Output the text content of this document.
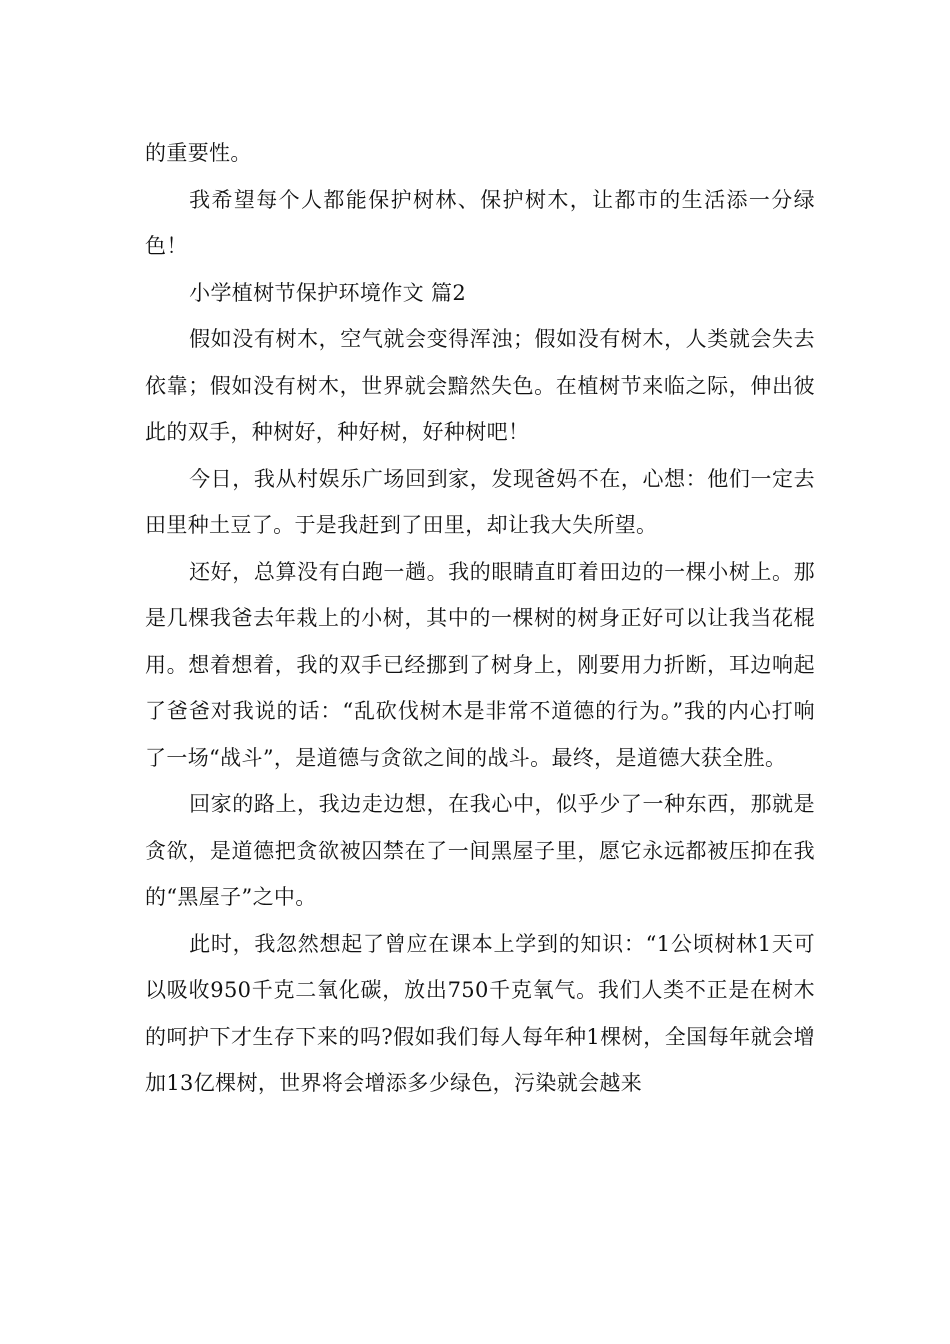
的重要性。

我希望每个人都能保护树林、保护树木，让都市的生活添一分绿色！

小学植树节保护环境作文 篇2

假如没有树木，空气就会变得浑浊；假如没有树木，人类就会失去依靠；假如没有树木，世界就会黯然失色。在植树节来临之际，伸出彼此的双手，种树好，种好树，好种树吧！

今日，我从村娱乐广场回到家，发现爸妈不在，心想：他们一定去田里种土豆了。于是我赶到了田里，却让我大失所望。

还好，总算没有白跑一趟。我的眼睛直盯着田边的一棵小树上。那是几棵我爸去年栽上的小树，其中的一棵树的树身正好可以让我当花棍用。想着想着，我的双手已经挪到了树身上，刚要用力折断，耳边响起了爸爸对我说的话：“乱砍伐树木是非常不道德的行为。”我的内心打响了一场“战斗”，是道德与贪欲之间的战斗。最终，是道德大获全胜。

回家的路上，我边走边想，在我心中，似乎少了一种东西，那就是贪欲，是道德把贪欲被囚禁在了一间黑屋子里，愿它永远都被压抑在我的“黑屋子”之中。

此时，我忽然想起了曾应在课本上学到的知识：“1公顷树林1天可以吸收950千克二氧化碳，放出750千克氧气。我们人类不正是在树木的呵护下才生存下来的吗?假如我们每人每年种1棵树，全国每年就会增加13亿棵树，世界将会增添多少绿色，污染就会越来
